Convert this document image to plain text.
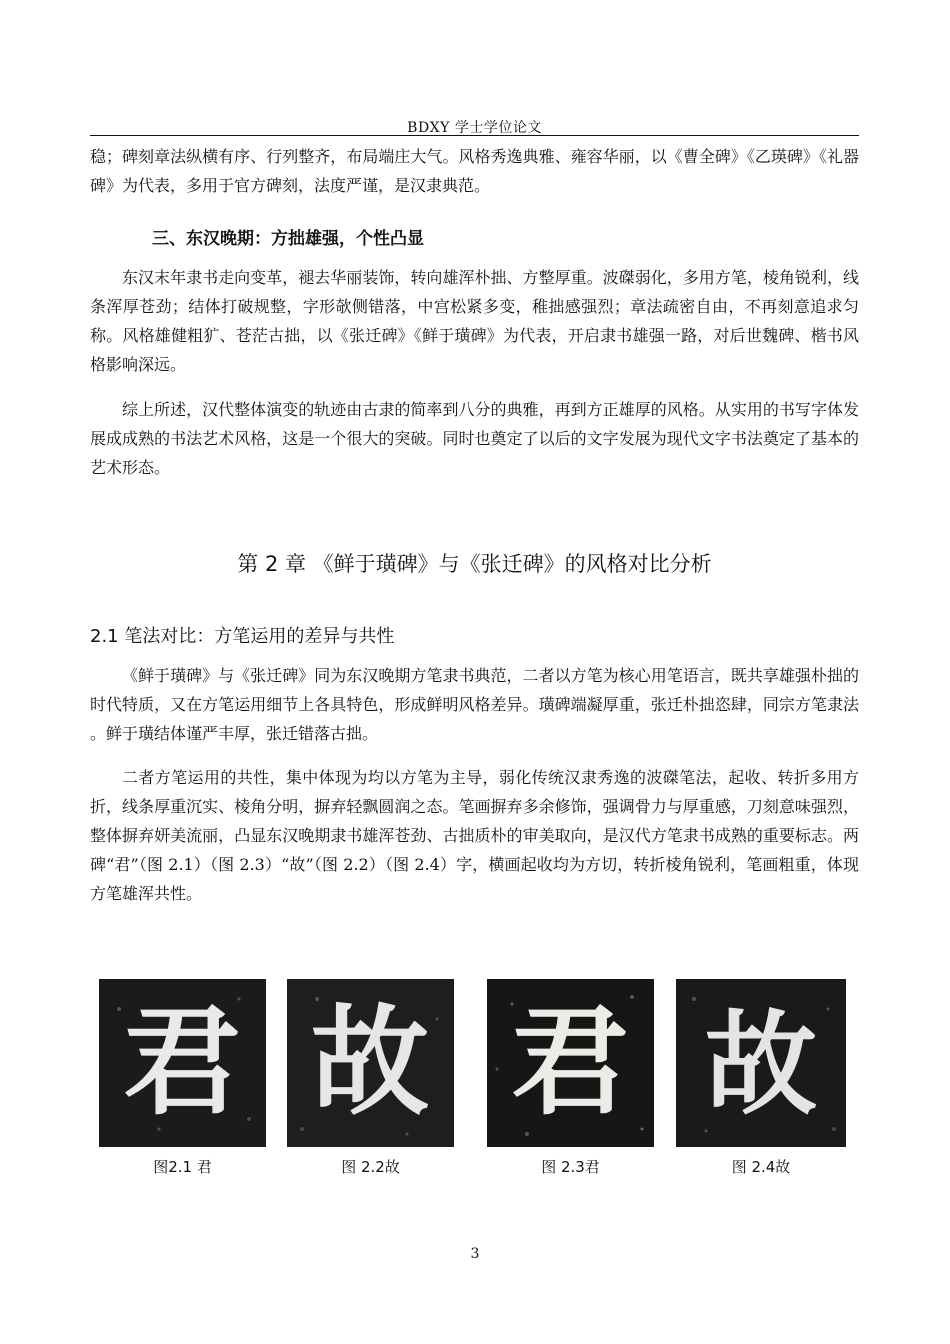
BDXY 学士学位论文

稳；碑刻章法纵横有序、行列整齐，布局端庄大气。风格秀逸典雅、雍容华丽，以《曹全碑》《乙瑛碑》《礼器碑》为代表，多用于官方碑刻，法度严谨，是汉隶典范。

三、东汉晚期：方拙雄强，个性凸显

东汉末年隶书走向变革，褪去华丽装饰，转向雄浑朴拙、方整厚重。波磔弱化，多用方笔，棱角锐利，线条浑厚苍劲；结体打破规整，字形欹侧错落，中宫松紧多变，稚拙感强烈；章法疏密自由，不再刻意追求匀称。风格雄健粗犷、苍茫古拙，以《张迁碑》《鲜于璜碑》为代表，开启隶书雄强一路，对后世魏碑、楷书风格影响深远。

综上所述，汉代整体演变的轨迹由古隶的简率到八分的典雅，再到方正雄厚的风格。从实用的书写字体发展成成熟的书法艺术风格，这是一个很大的突破。同时也奠定了以后的文字发展为现代文字书法奠定了基本的艺术形态。

第 2 章 《鲜于璜碑》与《张迁碑》的风格对比分析
2.1 笔法对比：方笔运用的差异与共性

《鲜于璜碑》与《张迁碑》同为东汉晚期方笔隶书典范，二者以方笔为核心用笔语言，既共享雄强朴拙的时代特质，又在方笔运用细节上各具特色，形成鲜明风格差异。璜碑端凝厚重，张迁朴拙恣肆，同宗方笔隶法 。鲜于璜结体谨严丰厚，张迁错落古拙。

二者方笔运用的共性，集中体现为均以方笔为主导，弱化传统汉隶秀逸的波磔笔法，起收、转折多用方折，线条厚重沉实、棱角分明，摒弃轻飘圆润之态。笔画摒弃多余修饰，强调骨力与厚重感，刀刻意味强烈，整体摒弃妍美流丽，凸显东汉晚期隶书雄浑苍劲、古拙质朴的审美取向，是汉代方笔隶书成熟的重要标志。两碑“君”（图 2.1）（图 2.3）“故”（图 2.2）（图 2.4）字，横画起收均为方切，转折棱角锐利，笔画粗重，体现方笔雄浑共性。

君
图2.1 君
故
图 2.2故
君
图 2.3君
故
图 2.4故
3
